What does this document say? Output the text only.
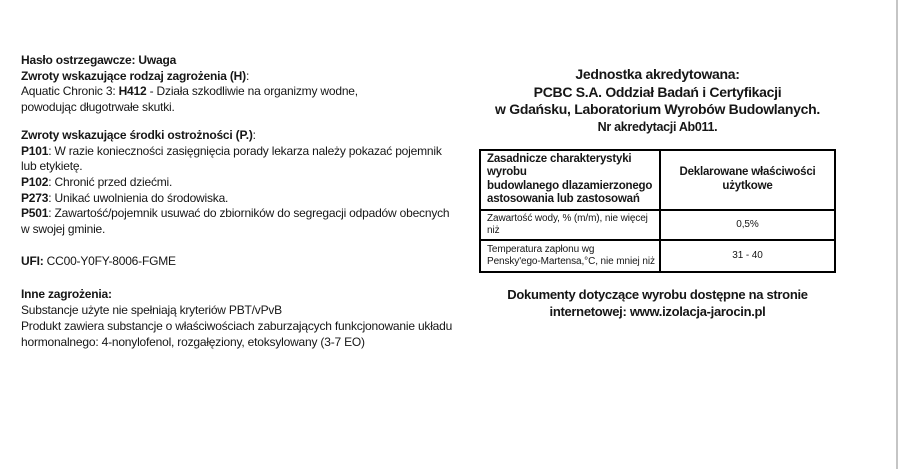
Hasło ostrzegawcze: Uwaga
Zwroty wskazujące rodzaj zagrożenia (H):
Aquatic Chronic 3: H412 - Działa szkodliwie na organizmy wodne,
powodując długotrwałe skutki.
Zwroty wskazujące środki ostrożności (P.):
P101: W razie konieczności zasięgnięcia porady lekarza należy pokazać pojemnik
lub etykietę.
P102: Chronić przed dziećmi.
P273: Unikać uwolnienia do środowiska.
P501: Zawartość/pojemnik usuwać do zbiorników do segregacji odpadów obecnych
w swojej gminie.
UFI: CC00-Y0FY-8006-FGME
Inne zagrożenia:
Substancje użyte nie spełniają kryteriów PBT/vPvB
Produkt zawiera substancje o właściwościach zaburzających funkcjonowanie układu
hormonalnego: 4-nonylofenol, rozgałęziony, etoksylowany (3-7 EO)
Jednostka akredytowana:
PCBC S.A. Oddział Badań i Certyfikacji
w Gdańsku, Laboratorium Wyrobów Budowlanych.
Nr akredytacji Ab011.
Zasadnicze charakterystyki wyrobu
budowlanego dlazamierzonego
astosowania lub zastosowań	Deklarowane właściwości użytkowe

Zawartość wody, % (m/m), nie więcej niż	0,5%

Temperatura zapłonu wg
Pensky'ego-Martensa,°C, nie mniej niż	31 - 40
Dokumenty dotyczące wyrobu dostępne na stronie
internetowej: www.izolacja-jarocin.pl
